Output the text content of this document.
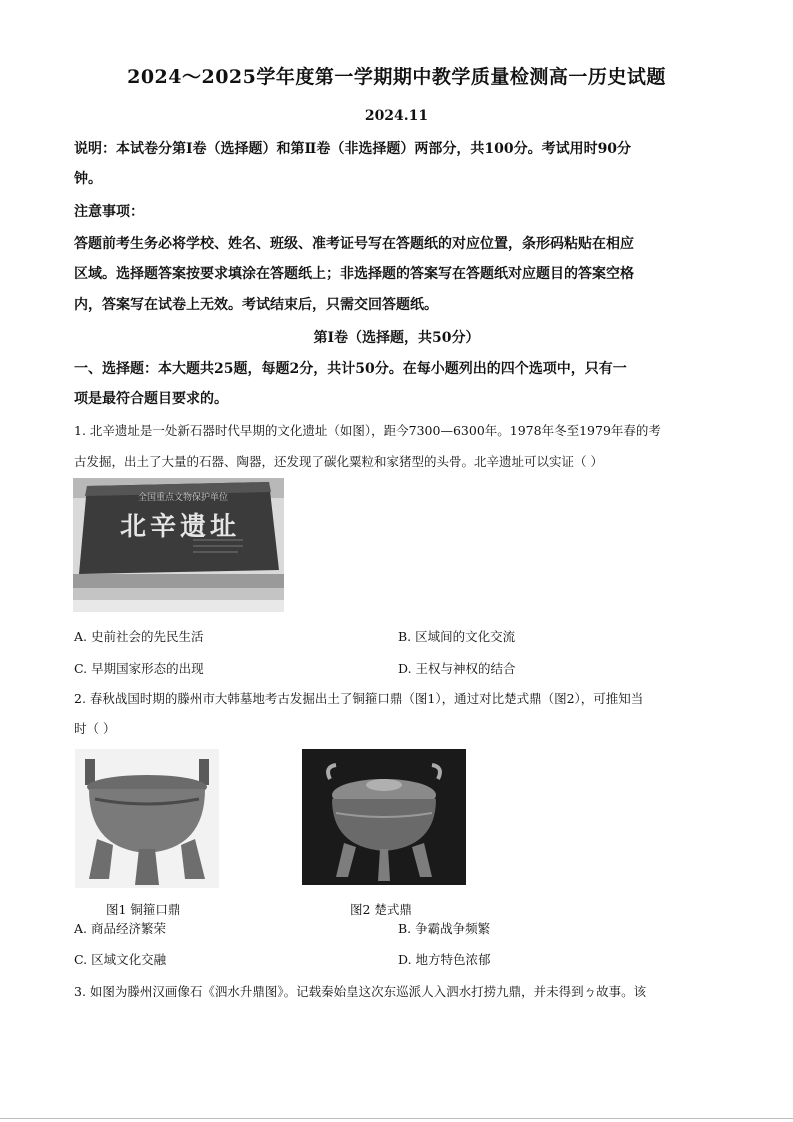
2024～2025学年度第一学期期中教学质量检测高一历史试题
2024.11
说明：本试卷分第Ⅰ卷（选择题）和第Ⅱ卷（非选择题）两部分，共100分。考试用时90分
钟。
注意事项：
答题前考生务必将学校、姓名、班级、准考证号写在答题纸的对应位置，条形码粘贴在相应
区域。选择题答案按要求填涂在答题纸上；非选择题的答案写在答题纸对应题目的答案空格
内，答案写在试卷上无效。考试结束后，只需交回答题纸。
第Ⅰ卷（选择题，共50分）
一、选择题：本大题共25题，每题2分，共计50分。在每小题列出的四个选项中，只有一
项是最符合题目要求的。
1. 北辛遗址是一处新石器时代早期的文化遗址（如图），距今7300—6300年。1978年冬至1979年春的考
古发掘，出土了大量的石器、陶器，还发现了碳化粟粒和家猪型的头骨。北辛遗址可以实证（ ）
全国重点文物保护单位
北辛遗址
A. 史前社会的先民生活	B. 区域间的文化交流
C. 早期国家形态的出现	D. 王权与神权的结合
2. 春秋战国时期的滕州市大韩墓地考古发掘出土了铜箍口鼎（图1），通过对比楚式鼎（图2），可推知当
时（ ）
图1 铜箍口鼎	图2 楚式鼎
A. 商品经济繁荣	B. 争霸战争频繁
C. 区域文化交融	D. 地方特色浓郁
3. 如图为滕州汉画像石《泗水升鼎图》。记载秦始皇这次东巡派人入泗水打捞九鼎，并未得到ㄅ故事。该
